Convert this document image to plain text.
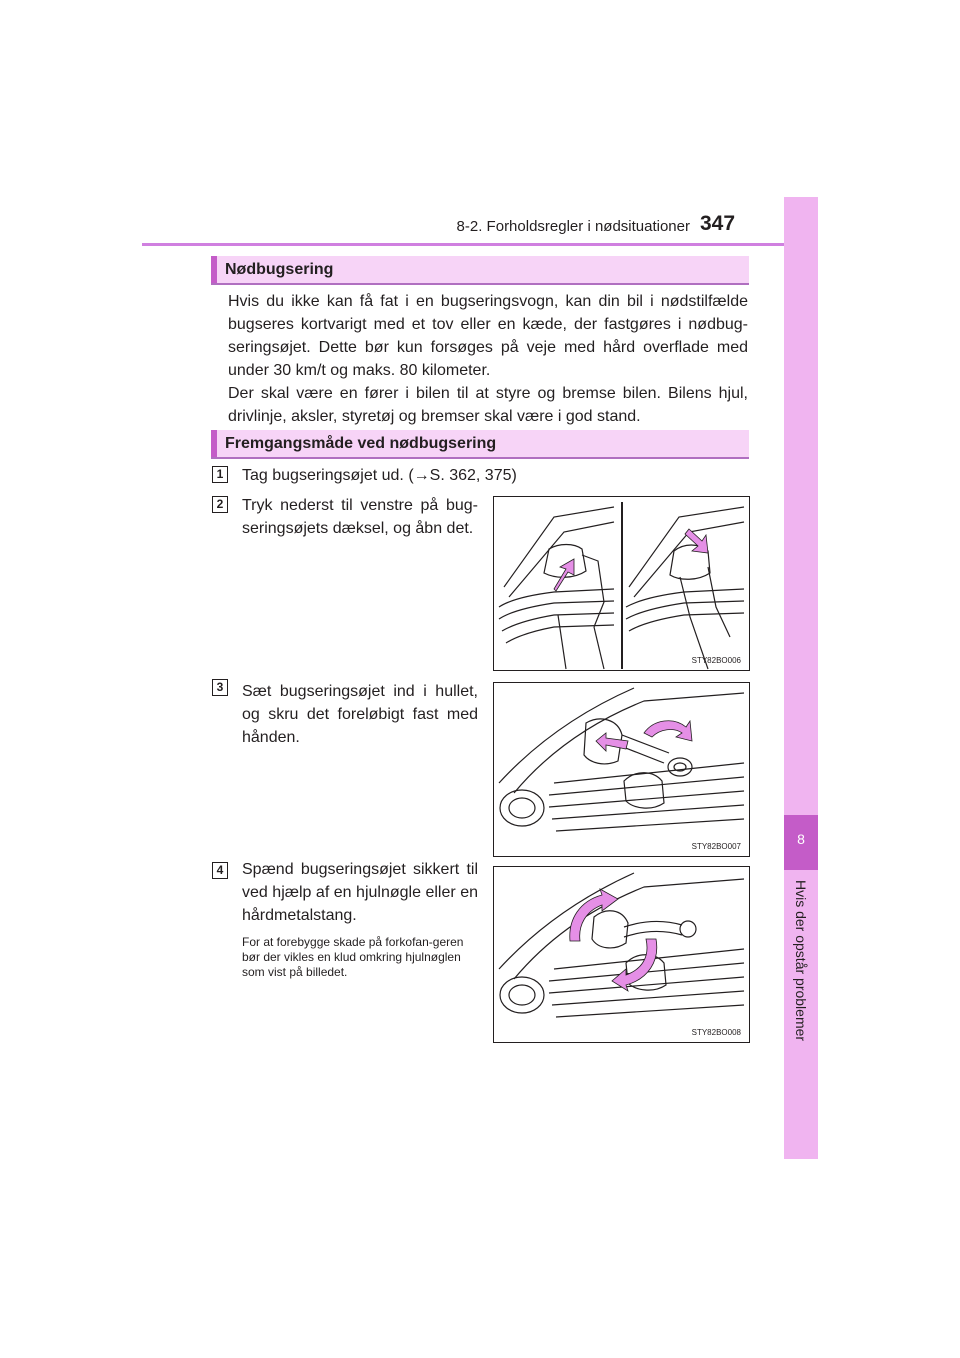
8-2. Forholdsregler i nødsituationer 347
8
Hvis der opstår problemer
Nødbugsering
Hvis du ikke kan få fat i en bugseringsvogn, kan din bil i nødstilfælde bugseres kortvarigt med et tov eller en kæde, der fastgøres i nødbug-seringsøjet. Dette bør kun forsøges på veje med hård overflade med under 30 km/t og maks. 80 kilometer.
Der skal være en fører i bilen til at styre og bremse bilen. Bilens hjul, drivlinje, aksler, styretøj og bremser skal være i god stand.
Fremgangsmåde ved nødbugsering
1 Tag bugseringsøjet ud. (→S. 362, 375)
2 Tryk nederst til venstre på bug-seringsøjets dæksel, og åbn det.
STY82BO006
3 Sæt bugseringsøjet ind i hullet, og skru det foreløbigt fast med hånden.
STY82BO007
4 Spænd bugseringsøjet sikkert til ved hjælp af en hjulnøgle eller en hårdmetalstang.
For at forebygge skade på forkofan-geren bør der vikles en klud omkring hjulnøglen som vist på billedet.
STY82BO008
